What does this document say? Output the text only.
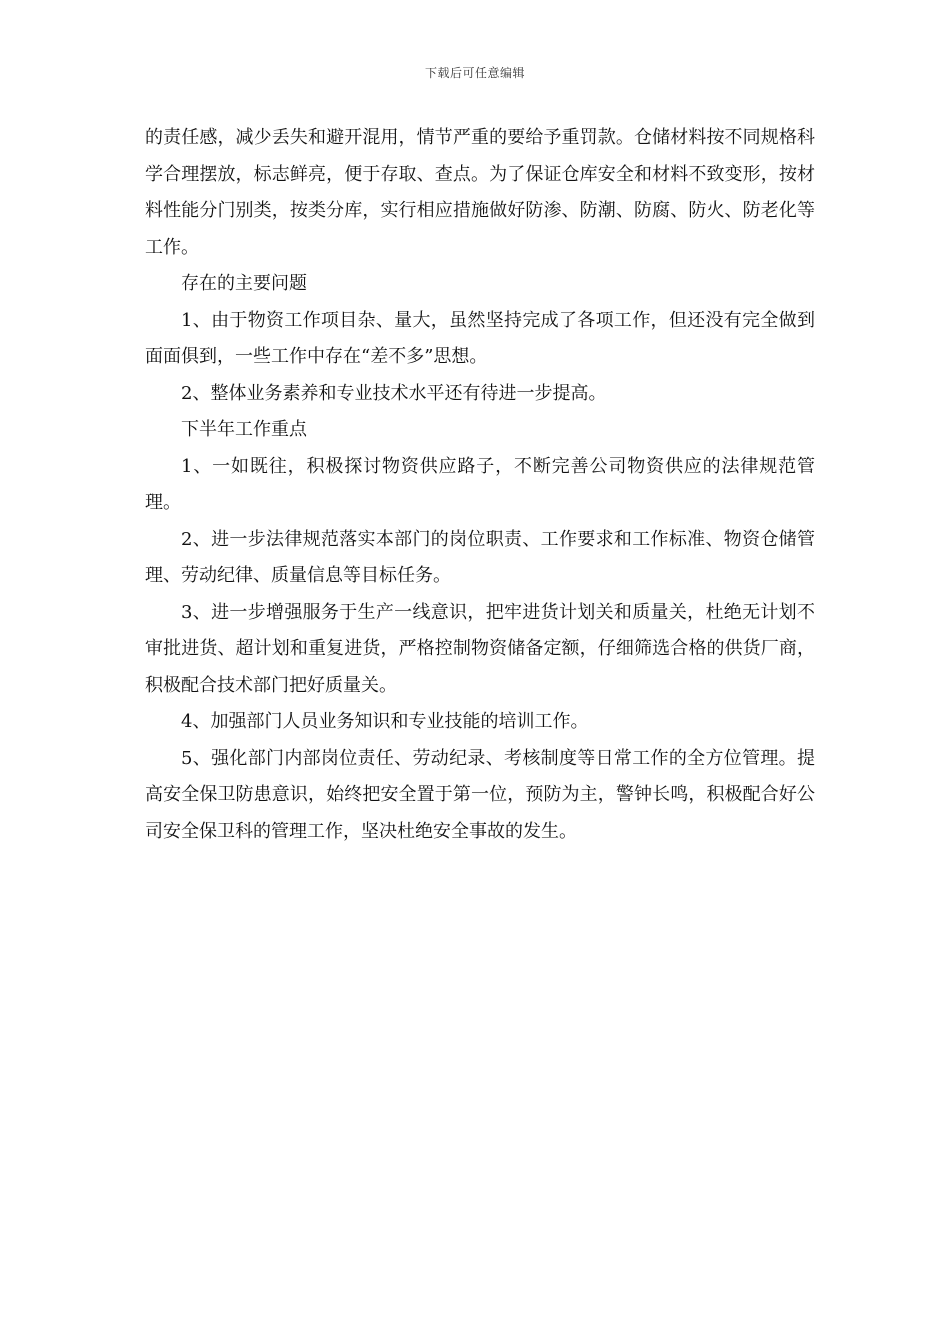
下载后可任意编辑

的责任感，减少丢失和避开混用，情节严重的要给予重罚款。仓储材料按不同规格科学合理摆放，标志鲜亮，便于存取、查点。为了保证仓库安全和材料不致变形，按材料性能分门别类，按类分库，实行相应措施做好防渗、防潮、防腐、防火、防老化等工作。

存在的主要问题

1、由于物资工作项目杂、量大，虽然坚持完成了各项工作，但还没有完全做到面面俱到，一些工作中存在“差不多”思想。

2、整体业务素养和专业技术水平还有待进一步提高。

下半年工作重点

1、一如既往，积极探讨物资供应路子，不断完善公司物资供应的法律规范管理。

2、进一步法律规范落实本部门的岗位职责、工作要求和工作标准、物资仓储管理、劳动纪律、质量信息等目标任务。

3、进一步增强服务于生产一线意识，把牢进货计划关和质量关，杜绝无计划不审批进货、超计划和重复进货，严格控制物资储备定额，仔细筛选合格的供货厂商，积极配合技术部门把好质量关。

4、加强部门人员业务知识和专业技能的培训工作。

5、强化部门内部岗位责任、劳动纪录、考核制度等日常工作的全方位管理。提高安全保卫防患意识，始终把安全置于第一位，预防为主，警钟长鸣，积极配合好公司安全保卫科的管理工作，坚决杜绝安全事故的发生。
